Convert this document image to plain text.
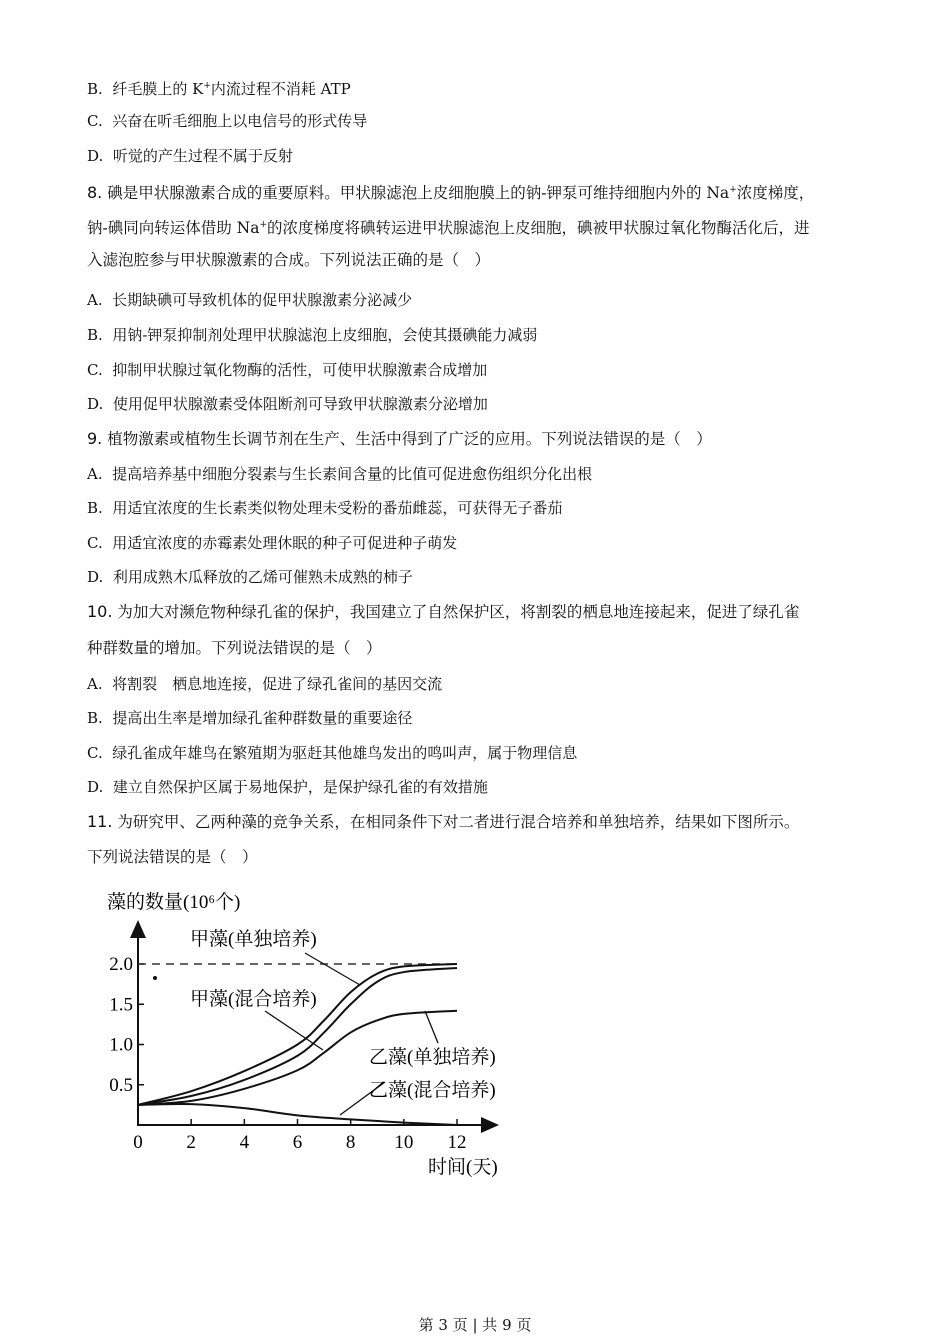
B. 纤毛膜上的 K+内流过程不消耗 ATP
C. 兴奋在听毛细胞上以电信号的形式传导
D. 听觉的产生过程不属于反射
8. 碘是甲状腺激素合成的重要原料。甲状腺滤泡上皮细胞膜上的钠-钾泵可维持细胞内外的 Na+浓度梯度，
钠-碘同向转运体借助 Na+的浓度梯度将碘转运进甲状腺滤泡上皮细胞，碘被甲状腺过氧化物酶活化后，进
入滤泡腔参与甲状腺激素的合成。下列说法正确的是（　）
A. 长期缺碘可导致机体的促甲状腺激素分泌减少
B. 用钠-钾泵抑制剂处理甲状腺滤泡上皮细胞，会使其摄碘能力减弱
C. 抑制甲状腺过氧化物酶的活性，可使甲状腺激素合成增加
D. 使用促甲状腺激素受体阻断剂可导致甲状腺激素分泌增加
9. 植物激素或植物生长调节剂在生产、生活中得到了广泛的应用。下列说法错误的是（　）
A. 提高培养基中细胞分裂素与生长素间含量的比值可促进愈伤组织分化出根
B. 用适宜浓度的生长素类似物处理未受粉的番茄雌蕊，可获得无子番茄
C. 用适宜浓度的赤霉素处理休眠的种子可促进种子萌发
D. 利用成熟木瓜释放的乙烯可催熟未成熟的柿子
10. 为加大对濒危物种绿孔雀的保护，我国建立了自然保护区，将割裂的栖息地连接起来，促进了绿孔雀
种群数量的增加。下列说法错误的是（　）
A. 将割裂　栖息地连接，促进了绿孔雀间的基因交流
B. 提高出生率是增加绿孔雀种群数量的重要途径
C. 绿孔雀成年雄鸟在繁殖期为驱赶其他雄鸟发出的鸣叫声，属于物理信息
D. 建立自然保护区属于易地保护，是保护绿孔雀的有效措施
11. 为研究甲、乙两种藻的竞争关系，在相同条件下对二者进行混合培养和单独培养，结果如下图所示。
下列说法错误的是（　）
藻的数量(10⁶个)
时间(天)
0 2 4 6 8 10 12
0.5
1.0
1.5
2.0
甲藻(单独培养)
甲藻(混合培养)
乙藻(单独培养)
乙藻(混合培养)
第 3 页 | 共 9 页
